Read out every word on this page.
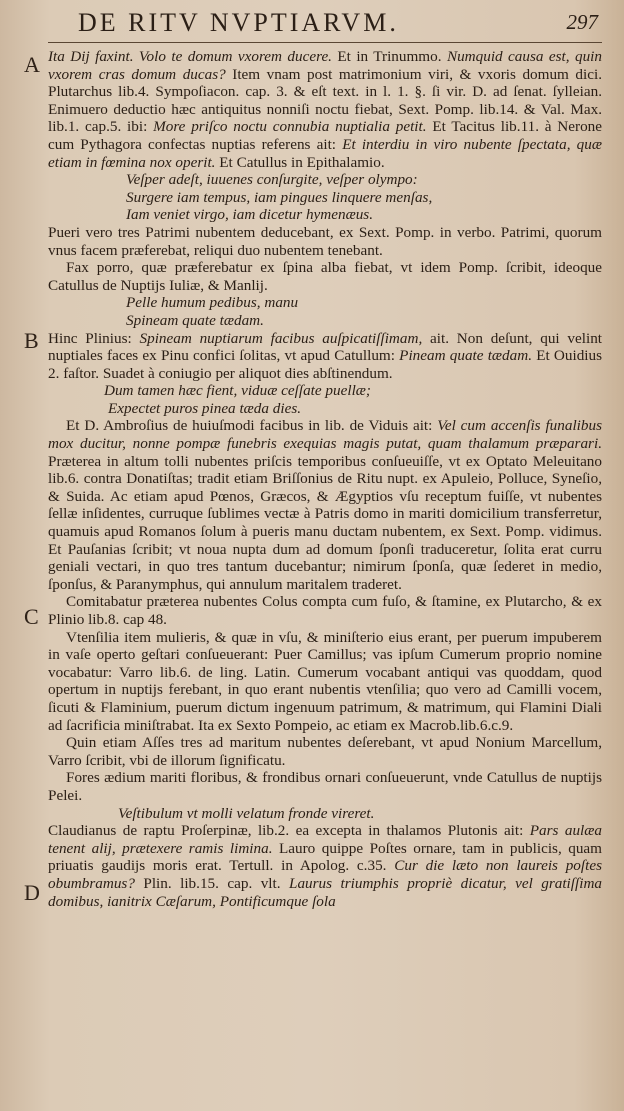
DE RITV NVPTIARVM.	297
A
B
C
D

Ita Dij faxint. Volo te domum vxorem ducere. Et in Trinummo. Numquid causa est, quin vxorem cras domum ducas? Item vnam post matrimonium viri, & vxoris domum dici. Plutarchus lib.4. Sympoſiacon. cap. 3. & eſt text. in l. 1. §. ſi vir. D. ad ſenat. ſylleian. Enimuero deductio hæc antiquitus nonniſi noctu fiebat, Sext. Pomp. lib.14. & Val. Max. lib.1. cap.5. ibi: More priſco noctu connubia nuptialia petit. Et Tacitus lib.11. à Nerone cum Pythagora confectas nuptias referens ait: Et interdiu in viro nubente ſpectata, quæ etiam in fœmina nox operit. Et Catullus in Epithalamio.

Veſper adeſt, iuuenes conſurgite, veſper olympo:
Surgere iam tempus, iam pingues linquere menſas,
Iam veniet virgo, iam dicetur hymenæus.

Pueri vero tres Patrimi nubentem deducebant, ex Sext. Pomp. in verbo. Patrimi, quorum vnus facem præferebat, reliqui duo nubentem tenebant.

Fax porro, quæ præferebatur ex ſpina alba fiebat, vt idem Pomp. ſcribit, ideoque Catullus de Nuptijs Iuliæ, & Manlij.

Pelle humum pedibus, manu
Spineam quate tædam.

Hinc Plinius: Spineam nuptiarum facibus auſpicatiſſimam, ait. Non deſunt, qui velint nuptiales faces ex Pinu confici ſolitas, vt apud Catullum: Pineam quate tædam. Et Ouidius 2. faſtor. Suadet à coniugio per aliquot dies abſtinendum.

Dum tamen hæc fient, viduæ ceſſate puellæ;
Expectet puros pinea tæda dies.

Et D. Ambroſius de huiuſmodi facibus in lib. de Viduis ait: Vel cum accenſis funalibus mox ducitur, nonne pompæ funebris exequias magis putat, quam thalamum præparari. Præterea in altum tolli nubentes priſcis temporibus conſueuiſſe, vt ex Optato Meleuitano lib.6. contra Donatiſtas; tradit etiam Briſſonius de Ritu nupt. ex Apuleio, Polluce, Syneſio, & Suida. Ac etiam apud Pœnos, Græcos, & Ægyptios vſu receptum fuiſſe, vt nubentes ſellæ inſidentes, curruque ſublimes vectæ à Patris domo in mariti domicilium transferretur, quamuis apud Romanos ſolum à pueris manu ductam nubentem, ex Sext. Pomp. vidimus. Et Pauſanias ſcribit; vt noua nupta dum ad domum ſponſi traduceretur, ſolita erat curru geniali vectari, in quo tres tantum ducebantur; nimirum ſponſa, quæ ſederet in medio, ſponſus, & Paranymphus, qui annulum maritalem traderet.

Comitabatur præterea nubentes Colus compta cum fuſo, & ſtamine, ex Plutarcho, & ex Plinio lib.8. cap 48.

Vtenſilia item mulieris, & quæ in vſu, & miniſterio eius erant, per puerum impuberem in vaſe operto geſtari conſueuerant: Puer Camillus; vas ipſum Cumerum proprio nomine vocabatur: Varro lib.6. de ling. Latin. Cumerum vocabant antiqui vas quoddam, quod opertum in nuptijs ferebant, in quo erant nubentis vtenſilia; quo vero ad Camilli vocem, ſicuti & Flaminium, puerum dictum ingenuum patrimum, & matrimum, qui Flamini Diali ad ſacrificia miniſtrabat. Ita ex Sexto Pompeio, ac etiam ex Macrob.lib.6.c.9.

Quin etiam Aſſes tres ad maritum nubentes deſerebant, vt apud Nonium Marcellum, Varro ſcribit, vbi de illorum ſignificatu.

Fores ædium mariti floribus, & frondibus ornari conſueuerunt, vnde Catullus de nuptijs Pelei.

Veſtibulum vt molli velatum fronde vireret.

Claudianus de raptu Proſerpinæ, lib.2. ea excepta in thalamos Plutonis ait: Pars aulæa tenent alij, prætexere ramis limina. Lauro quippe Poſtes ornare, tam in publicis, quam priuatis gaudijs moris erat. Tertull. in Apolog. c.35. Cur die læto non laureis poſtes obumbramus? Plin. lib.15. cap. vlt. Laurus triumphis propriè dicatur, vel gratiſſima domibus, ianitrix Cæſarum, Pontificumque ſola
